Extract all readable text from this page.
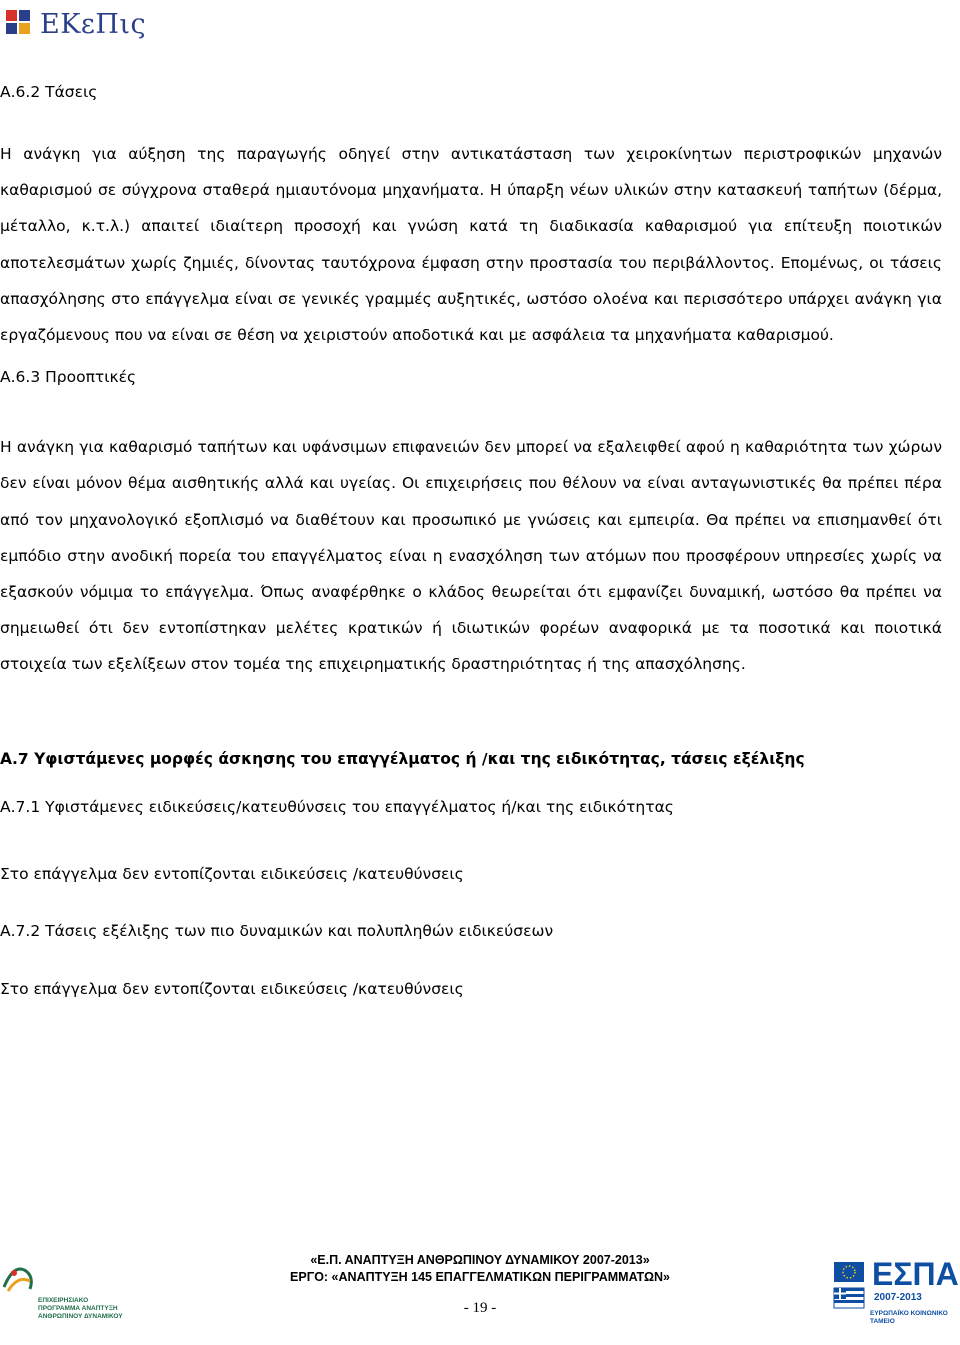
ΕΚεΠις

Α.6.2 Τάσεις

Η ανάγκη για αύξηση της παραγωγής οδηγεί στην αντικατάσταση των χειροκίνητων περιστροφικών μηχανών καθαρισμού σε σύγχρονα σταθερά ημιαυτόνομα μηχανήματα. Η ύπαρξη νέων υλικών στην κατασκευή ταπήτων (δέρμα, μέταλλο, κ.τ.λ.) απαιτεί ιδιαίτερη προσοχή και γνώση κατά τη διαδικασία καθαρισμού για επίτευξη ποιοτικών αποτελεσμάτων χωρίς ζημιές, δίνοντας ταυτόχρονα έμφαση στην προστασία του περιβάλλοντος. Επομένως, οι τάσεις απασχόλησης στο επάγγελμα είναι σε γενικές γραμμές αυξητικές, ωστόσο ολοένα και περισσότερο υπάρχει ανάγκη για εργαζόμενους που να είναι σε θέση να χειριστούν αποδοτικά και με ασφάλεια τα μηχανήματα καθαρισμού.

Α.6.3 Προοπτικές

Η ανάγκη για καθαρισμό ταπήτων και υφάνσιμων επιφανειών δεν μπορεί να εξαλειφθεί αφού η καθαριότητα των χώρων δεν είναι μόνον θέμα αισθητικής αλλά και υγείας. Οι επιχειρήσεις που θέλουν να είναι ανταγωνιστικές θα πρέπει πέρα από τον μηχανολογικό εξοπλισμό να διαθέτουν και προσωπικό με γνώσεις και εμπειρία. Θα πρέπει να επισημανθεί ότι εμπόδιο στην ανοδική πορεία του επαγγέλματος είναι η ενασχόληση των ατόμων που προσφέρουν υπηρεσίες χωρίς να εξασκούν νόμιμα το επάγγελμα. Όπως αναφέρθηκε ο κλάδος θεωρείται ότι εμφανίζει δυναμική, ωστόσο θα πρέπει να σημειωθεί ότι δεν εντοπίστηκαν μελέτες κρατικών ή ιδιωτικών φορέων αναφορικά με τα ποσοτικά και ποιοτικά στοιχεία των εξελίξεων στον τομέα της επιχειρηματικής δραστηριότητας ή της απασχόλησης.

Α.7 Υφιστάμενες μορφές άσκησης του επαγγέλματος ή /και της ειδικότητας, τάσεις εξέλιξης

Α.7.1 Υφιστάμενες ειδικεύσεις/κατευθύνσεις του επαγγέλματος ή/και της ειδικότητας

Στο επάγγελμα δεν εντοπίζονται ειδικεύσεις /κατευθύνσεις

Α.7.2 Τάσεις εξέλιξης των πιο δυναμικών και πολυπληθών ειδικεύσεων

Στο επάγγελμα δεν εντοπίζονται ειδικεύσεις /κατευθύνσεις

ΕΠΙΧΕΙΡΗΣΙΑΚΟ ΠΡΟΓΡΑΜΜΑ ΑΝΑΠΤΥΞΗ ΑΝΘΡΩΠΙΝΟΥ ΔΥΝΑΜΙΚΟΥ
«Ε.Π. ΑΝΑΠΤΥΞΗ ΑΝΘΡΩΠΙΝΟΥ ΔΥΝΑΜΙΚΟΥ 2007-2013»
ΕΡΓΟ: «ΑΝΑΠΤΥΞΗ 145 ΕΠΑΓΓΕΛΜΑΤΙΚΩΝ ΠΕΡΙΓΡΑΜΜΑΤΩΝ»
- 19 -
ΕΣΠΑ
2007-2013
ΕΥΡΩΠΑΪΚΟ ΚΟΙΝΩΝΙΚΟ ΤΑΜΕΙΟ
